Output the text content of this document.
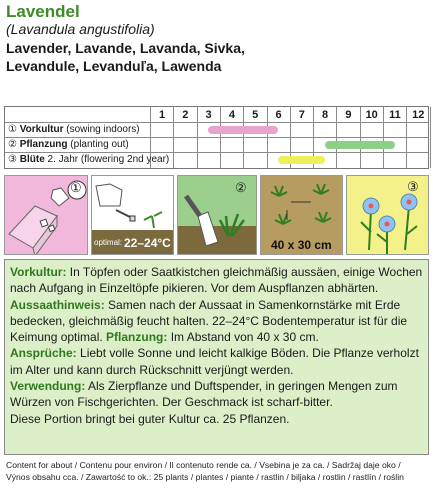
Lavendel
(Lavandula angustifolia)
Lavender, Lavande, Lavanda, Sivka,
Levandule, Levanduľa, Lawenda
1	2	3	4	5	6	7	8	9	10	11	12
① Vorkultur (sowing indoors)
② Pflanzung (planting out)
③ Blüte 2. Jahr (flowering 2nd year)
①
optimal: 22–24°C
②
40 x 30 cm
③
Vorkultur: In Töpfen oder Saatkistchen gleichmäßig aussäen, einige Wochen nach Aufgang in Einzeltöpfe pikieren. Vor dem Auspflanzen abhärten.
Aussaathinweis: Samen nach der Aussaat in Samenkornstärke mit Erde bedecken, gleichmäßig feucht halten. 22–24°C Bodentemperatur ist für die Keimung optimal. Pflanzung: Im Abstand von 40 x 30 cm.
Ansprüche: Liebt volle Sonne und leicht kalkige Böden. Die Pflanze verholzt im Alter und kann durch Rückschnitt verjüngt werden.
Verwendung: Als Zierpflanze und Duftspender, in geringen Mengen zum Würzen von Fischgerichten. Der Geschmack ist scharf-bitter.
Diese Portion bringt bei guter Kultur ca. 25 Pflanzen.
Content for about / Contenu pour environ / Il contenuto rende ca. / Vsebina je za ca. / Sadržaj daje oko /
Výnos obsahu cca. / Zawartość to ok.: 25 plants / plantes / piante / rastlin / biljaka / rostlin / rastlín / roślin
